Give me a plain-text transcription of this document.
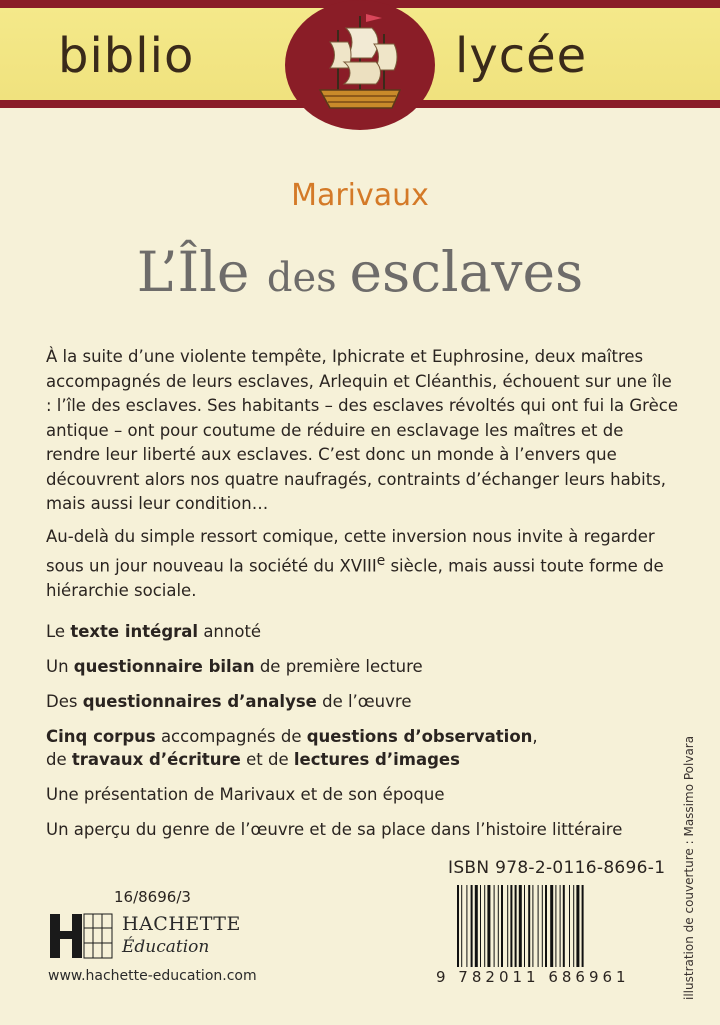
biblio	lycée
Marivaux
L’Île des esclaves

À la suite d’une violente tempête, Iphicrate et Euphrosine, deux maîtres accompagnés de leurs esclaves, Arlequin et Cléanthis, échouent sur une île : l’île des esclaves. Ses habitants – des esclaves révoltés qui ont fui la Grèce antique – ont pour coutume de réduire en esclavage les maîtres et de rendre leur liberté aux esclaves. C’est donc un monde à l’envers que découvrent alors nos quatre naufragés, contraints d’échanger leurs habits, mais aussi leur condition…

Au-delà du simple ressort comique, cette inversion nous invite à regarder sous un jour nouveau la société du XVIIIe siècle, mais aussi toute forme de hiérarchie sociale.

Le texte intégral annoté
Un questionnaire bilan de première lecture
Des questionnaires d’analyse de l’œuvre
Cinq corpus accompagnés de questions d’observation,
de travaux d’écriture et de lectures d’images
Une présentation de Marivaux et de son époque
Un aperçu du genre de l’œuvre et de sa place dans l’histoire littéraire	illustration de couverture : Massimo Polvara
ISBN 978-2-0116-8696-1
9 782011 686961
16/8696/3
HACHETTE
Éducation
www.hachette-education.com
